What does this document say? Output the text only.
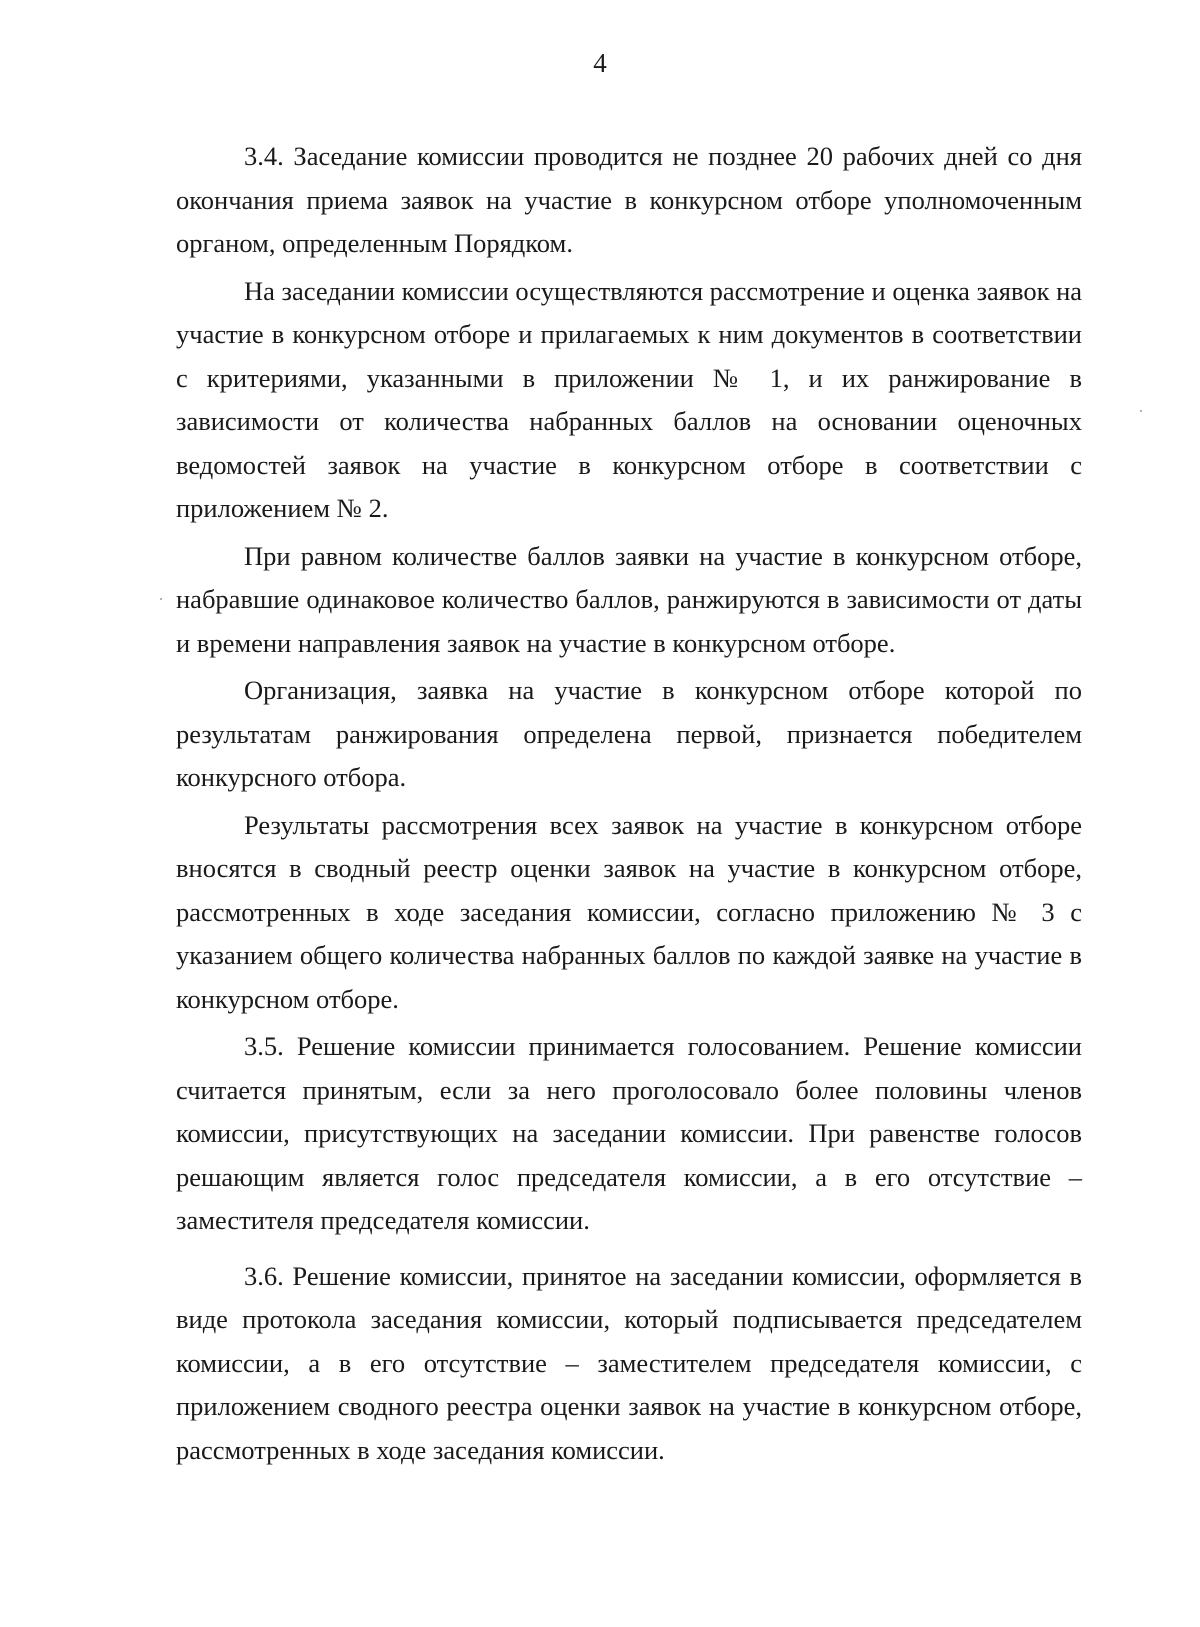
4

3.4. Заседание комиссии проводится не позднее 20 рабочих дней со дня окончания приема заявок на участие в конкурсном отборе уполномоченным органом, определенным Порядком.

На заседании комиссии осуществляются рассмотрение и оценка заявок на участие в конкурсном отборе и прилагаемых к ним документов в соответствии с критериями, указанными в приложении № 1, и их ранжирование в зависимости от количества набранных баллов на основании оценочных ведомостей заявок на участие в конкурсном отборе в соответствии с приложением № 2.

При равном количестве баллов заявки на участие в конкурсном отборе, набравшие одинаковое количество баллов, ранжируются в зависимости от даты и времени направления заявок на участие в конкурсном отборе.

Организация, заявка на участие в конкурсном отборе которой по результатам ранжирования определена первой, признается победителем конкурсного отбора.

Результаты рассмотрения всех заявок на участие в конкурсном отборе вносятся в сводный реестр оценки заявок на участие в конкурсном отборе, рассмотренных в ходе заседания комиссии, согласно приложению № 3 с указанием общего количества набранных баллов по каждой заявке на участие в конкурсном отборе.

3.5. Решение комиссии принимается голосованием. Решение комиссии считается принятым, если за него проголосовало более половины членов комиссии, присутствующих на заседании комиссии. При равенстве голосов решающим является голос председателя комиссии, а в его отсутствие – заместителя председателя комиссии.

3.6. Решение комиссии, принятое на заседании комиссии, оформляется в виде протокола заседания комиссии, который подписывается председателем комиссии, а в его отсутствие – заместителем председателя комиссии, с приложением сводного реестра оценки заявок на участие в конкурсном отборе, рассмотренных в ходе заседания комиссии.
